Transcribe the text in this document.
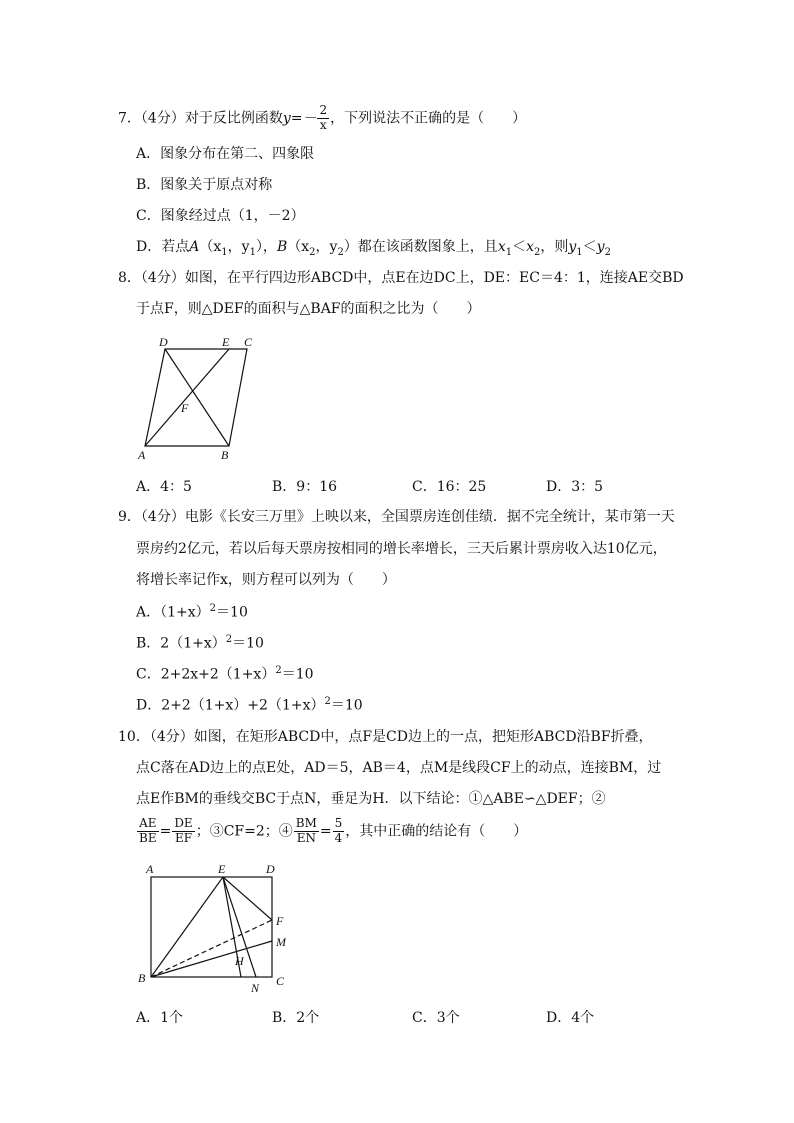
7．（4分）对于反比例函数$y=- \frac{2}{x}$ ，下列说法不正确的是（　　）
A．图象分布在第二、四象限
B．图象关于原点对称
C．图象经过点（1，－2）
D．若点$A(x_1$，$y_1$），$B(x_2$，$y_2$）都在该函数图象上，且$x_1<x_2$，则$y_1<y_2$
8．（4分）如图，在平行四边形ABCD中，点E在边DC上，DE：EC＝4：1，连接AE交BD
于点F，则△DEF的面积与△BAF的面积之比为（　　）
D	E C
F
A	B
A．4：5	B．9：16	C．16：25	D．3：5
9．（4分）电影《长安三万里》上映以来，全国票房连创佳绩．据不完全统计，某市第一天
票房约2亿元，若以后每天票房按相同的增长率增长，三天后累计票房收入达10亿元，
将增长率记作x，则方程可以列为（　　）
A．$(1+x)^2=10$
B．$2(1+x)^2=10$
C．$2+2x+2(1+x)^2=10$
D．$2+2(1+x)+2(1+x)^2=10$
10．（4分）如图，在矩形ABCD中，点F是CD边上的一点，把矩形ABCD沿BF折叠，
点C落在AD边上的点E处，AD＝5，AB＝4，点M是线段CF上的动点，连接BM，过
点E作BM的垂线交BC于点N，垂足为H．以下结论：①△ABE∽△DEF；②
$\frac{AE}{BE} = \frac{DE}{EF}$ ；③CF=2；④ $\frac{BM}{EN} = \frac{5}{4}$ ，其中正确的结论有（　　）
A	E	D
F
M
H
B
N C
A．1个	B．2个	C．3个	D．4个
